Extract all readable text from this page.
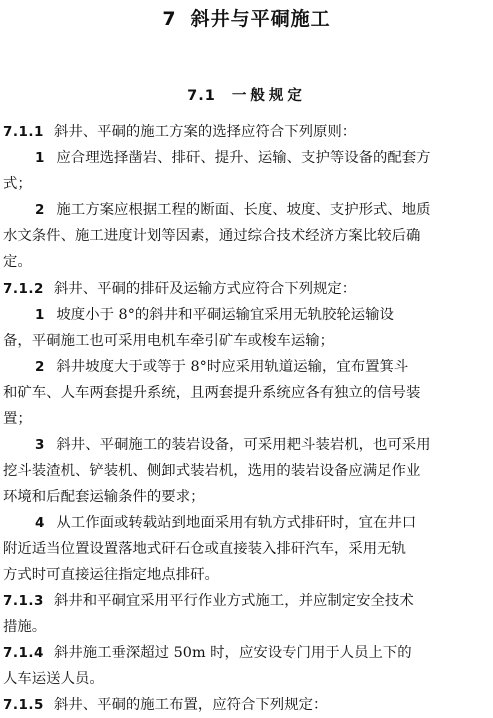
7 斜井与平硐施工
7.1 一般规定
7.1.1 斜井、平硐的施工方案的选择应符合下列原则：
1 应合理选择凿岩、排矸、提升、运输、支护等设备的配套方
式；
2 施工方案应根据工程的断面、长度、坡度、支护形式、地质
水文条件、施工进度计划等因素，通过综合技术经济方案比较后确
定。
7.1.2 斜井、平硐的排矸及运输方式应符合下列规定：
1 坡度小于 8°的斜井和平硐运输宜采用无轨胶轮运输设
备，平硐施工也可采用电机车牵引矿车或梭车运输；
2 斜井坡度大于或等于 8°时应采用轨道运输，宜布置箕斗
和矿车、人车两套提升系统，且两套提升系统应各有独立的信号装
置；
3 斜井、平硐施工的装岩设备，可采用耙斗装岩机，也可采用
挖斗装渣机、铲装机、侧卸式装岩机，选用的装岩设备应满足作业
环境和后配套运输条件的要求；
4 从工作面或转载站到地面采用有轨方式排矸时，宜在井口
附近适当位置设置落地式矸石仓或直接装入排矸汽车，采用无轨
方式时可直接运往指定地点排矸。
7.1.3 斜井和平硐宜采用平行作业方式施工，并应制定安全技术
措施。
7.1.4 斜井施工垂深超过 50m 时，应安设专门用于人员上下的
人车运送人员。
7.1.5 斜井、平硐的施工布置，应符合下列规定：
